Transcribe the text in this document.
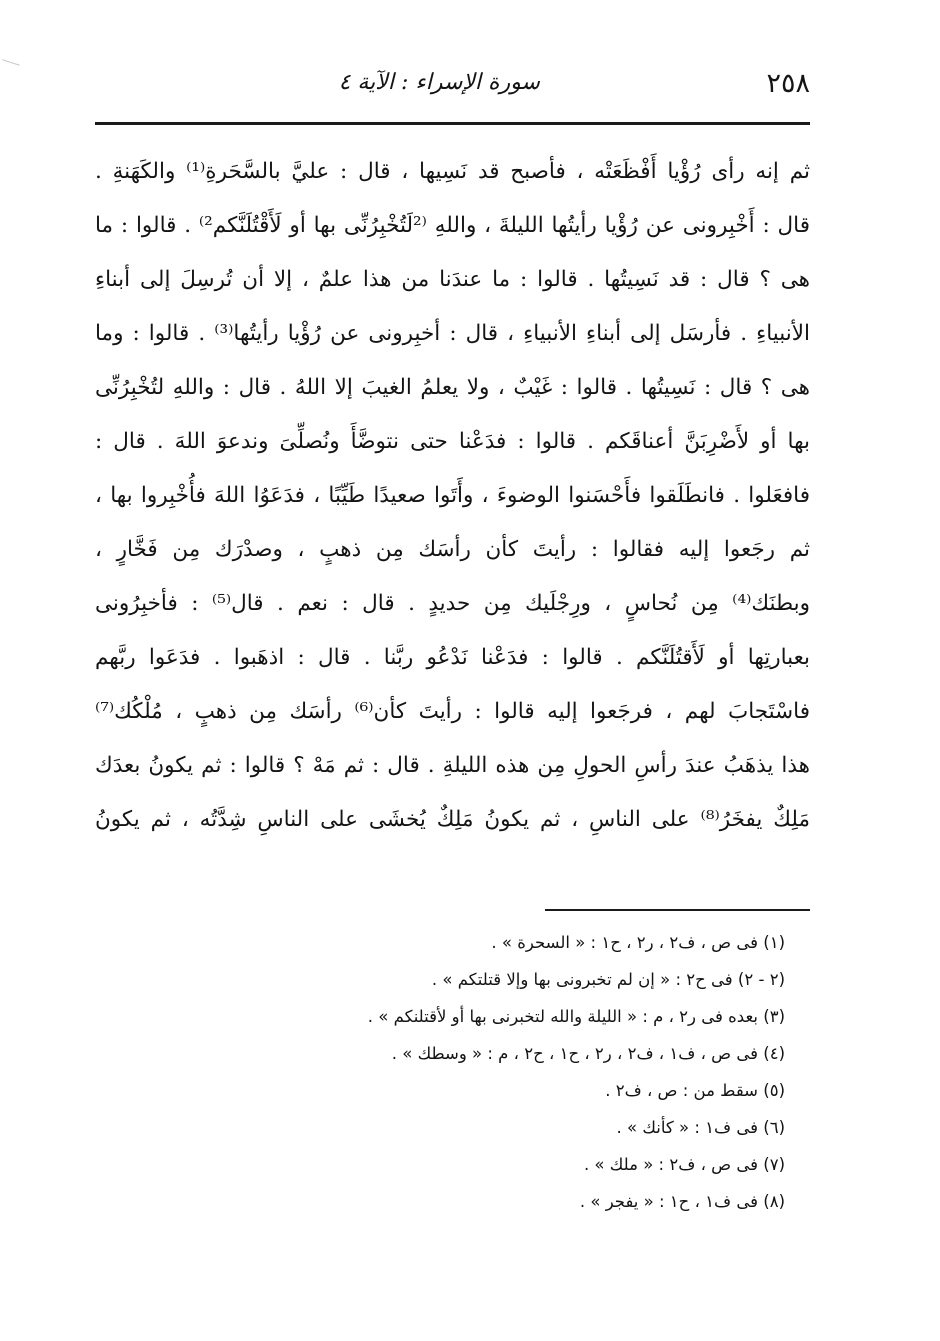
٢٥٨
سورة الإسراء : الآية ٤
ثم إنه رأى رُؤْيا أَفْظَعَتْه ، فأصبح قد نَسِيها ، قال : عليَّ بالسَّحَرةِ⁽¹⁾ والكَهَنةِ .
قال : أَخْبِرونى عن رُؤْيا رأيتُها الليلةَ ، واللهِ ⁽²لَتُخْبِرُنِّى بها أو لَأَقْتُلَنَّكم²⁾ . قالوا : ما
هى ؟ قال : قد نَسِيتُها . قالوا : ما عندَنا من هذا علمٌ ، إلا أن تُرسِلَ إلى أبناءِ
الأنبياءِ . فأرسَل إلى أبناءِ الأنبياءِ ، قال : أخبِرونى عن رُؤْيا رأيتُها⁽³⁾ . قالوا : وما
هى ؟ قال : نَسِيتُها . قالوا : غَيْبٌ ، ولا يعلمُ الغيبَ إلا اللهُ . قال : واللهِ لتُخْبِرُنِّى
بها أو لأَضْرِبَنَّ أعناقَكم . قالوا : فدَعْنا حتى نتوضَّأَ ونُصلِّىَ وندعوَ اللهَ . قال :
فافعَلوا . فانطَلَقوا فأَحْسَنوا الوضوءَ ، وأَتَوا صعيدًا طَيِّبًا ، فدَعَوُا اللهَ فأُخْبِروا بها ،
ثم رجَعوا إليه فقالوا : رأيتَ كأن رأسَك مِن ذهبٍ ، وصدْرَك مِن فَخَّارٍ ،
وبطنَك⁽⁴⁾ مِن نُحاسٍ ، ورِجْلَيك مِن حديدٍ . قال : نعم . قال⁽⁵⁾ : فأخبِرُونى
بعبارتِها أو لَأَقتُلَنَّكم . قالوا : فدَعْنا نَدْعُو ربَّنا . قال : اذهَبوا . فدَعَوا ربَّهم
فاسْتَجابَ لهم ، فرجَعوا إليه قالوا : رأيتَ كأن⁽⁶⁾ رأسَك مِن ذهبٍ ، مُلْكُك⁽⁷⁾
هذا يذهَبُ عندَ رأسِ الحولِ مِن هذه الليلةِ . قال : ثم مَهْ ؟ قالوا : ثم يكونُ بعدَك
مَلِكٌ يفخَرُ⁽⁸⁾ على الناسِ ، ثم يكونُ مَلِكٌ يُخشَى على الناسِ شِدَّتُه ، ثم يكونُ
(١) فى ص ، ف٢ ، ر٢ ، ح١ : « السحرة » .
(٢ - ٢) فى ح٢ : « إن لم تخبرونى بها وإلا قتلتكم » .
(٣) بعده فى ر٢ ، م : « الليلة والله لتخبرنى بها أو لأقتلنكم » .
(٤) فى ص ، ف١ ، ف٢ ، ر٢ ، ح١ ، ح٢ ، م : « وسطك » .
(٥) سقط من : ص ، ف٢ .
(٦) فى ف١ : « كأنك » .
(٧) فى ص ، ف٢ : « ملك » .
(٨) فى ف١ ، ح١ : « يفجر » .
